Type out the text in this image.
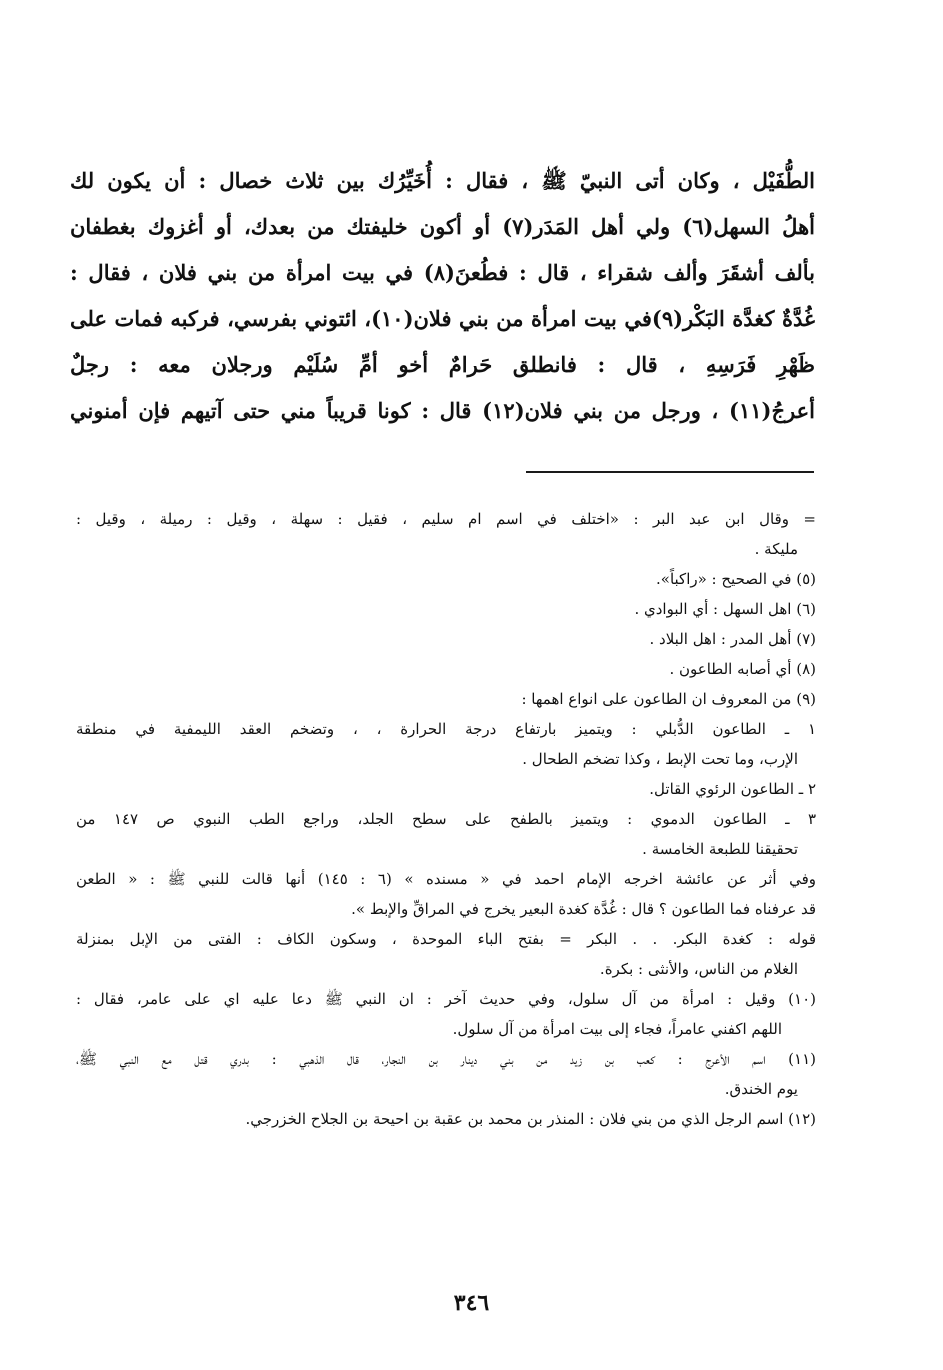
الطُّفَيْل ، وكان أتى النبيّ ﷺ ، فقال : أُخَيِّرُك بين ثلاث خصال : أن يكون لك
أهلُ السهل(٦) ولي أهل المَدَر(٧) أو أكون خليفتك من بعدك، أو أغزوك بغطفان
بألف أشقَرَ وألف شقراء ، قال : فطُعنَ(٨) في بيت امرأة من بني فلان ، فقال :
غُدَّةٌ كغدَّة البَكْر(٩)في بيت امرأة من بني فلان(١٠)، ائتوني بفرسي، فركبه فمات على
ظَهْرِ فَرَسِهِ ، قال : فانطلق حَرامٌ أخو أمِّ سُلَيْم ورجلان معه : رجلٌ
أعرجُ(١١) ، ورجل من بني فلان(١٢) قال : كونا قريباً مني حتى آتيهم فإن أمنوني
= وقال ابن عبد البر : «اختلف في اسم ام سليم ، فقيل : سهلة ، وقيل : رميلة ، وقيل :
مليكة .
(٥) في الصحيح : «راكباً».
(٦) اهل السهل : أي البوادي .
(٧) أهل المدر : اهل البلاد .
(٨) أي أصابه الطاعون .
(٩) من المعروف ان الطاعون على انواع اهمها :
١ ـ الطاعون الدُّبلي : ويتميز بارتفاع درجة الحرارة ، ، وتضخم العقد الليمفية في منطقة
الإرب، وما تحت الإبط ، وكذا تضخم الطحال .
٢ ـ الطاعون الرئوي القاتل.
٣ ـ الطاعون الدموي : ويتميز بالطفح على سطح الجلد، وراجع الطب النبوي ص ١٤٧ من
تحقيقنا للطبعة الخامسة .
وفي أثر عن عائشة اخرجه الإمام احمد في « مسنده » (٦ : ١٤٥) أنها قالت للنبي ﷺ : « الطعن
قد عرفناه فما الطاعون ؟ قال : غُدَّة كغدة البعير يخرج في المراقِّ والإبط ».
قوله : كغدة البكر. . . البكر = بفتح الباء الموحدة ، وسكون الكاف : الفتى من الإبل بمنزلة
الغلام من الناس، والأنثى : بكرة.
(١٠) وقيل : امرأة من آل سلول، وفي حديث آخر : ان النبي ﷺ دعا عليه اي على عامر، فقال :
اللهم اكفني عامراً، فجاء إلى بيت امرأة من آل سلول.
(١١) اسم الأعرج : كعب بن زيد من بني دينار بن النجار، قال الذهبي : بدري قتل مع النبي ﷺ،
يوم الخندق.
(١٢) اسم الرجل الذي من بني فلان : المنذر بن محمد بن عقبة بن احيحة بن الجلاح الخزرجي.
٣٤٦
